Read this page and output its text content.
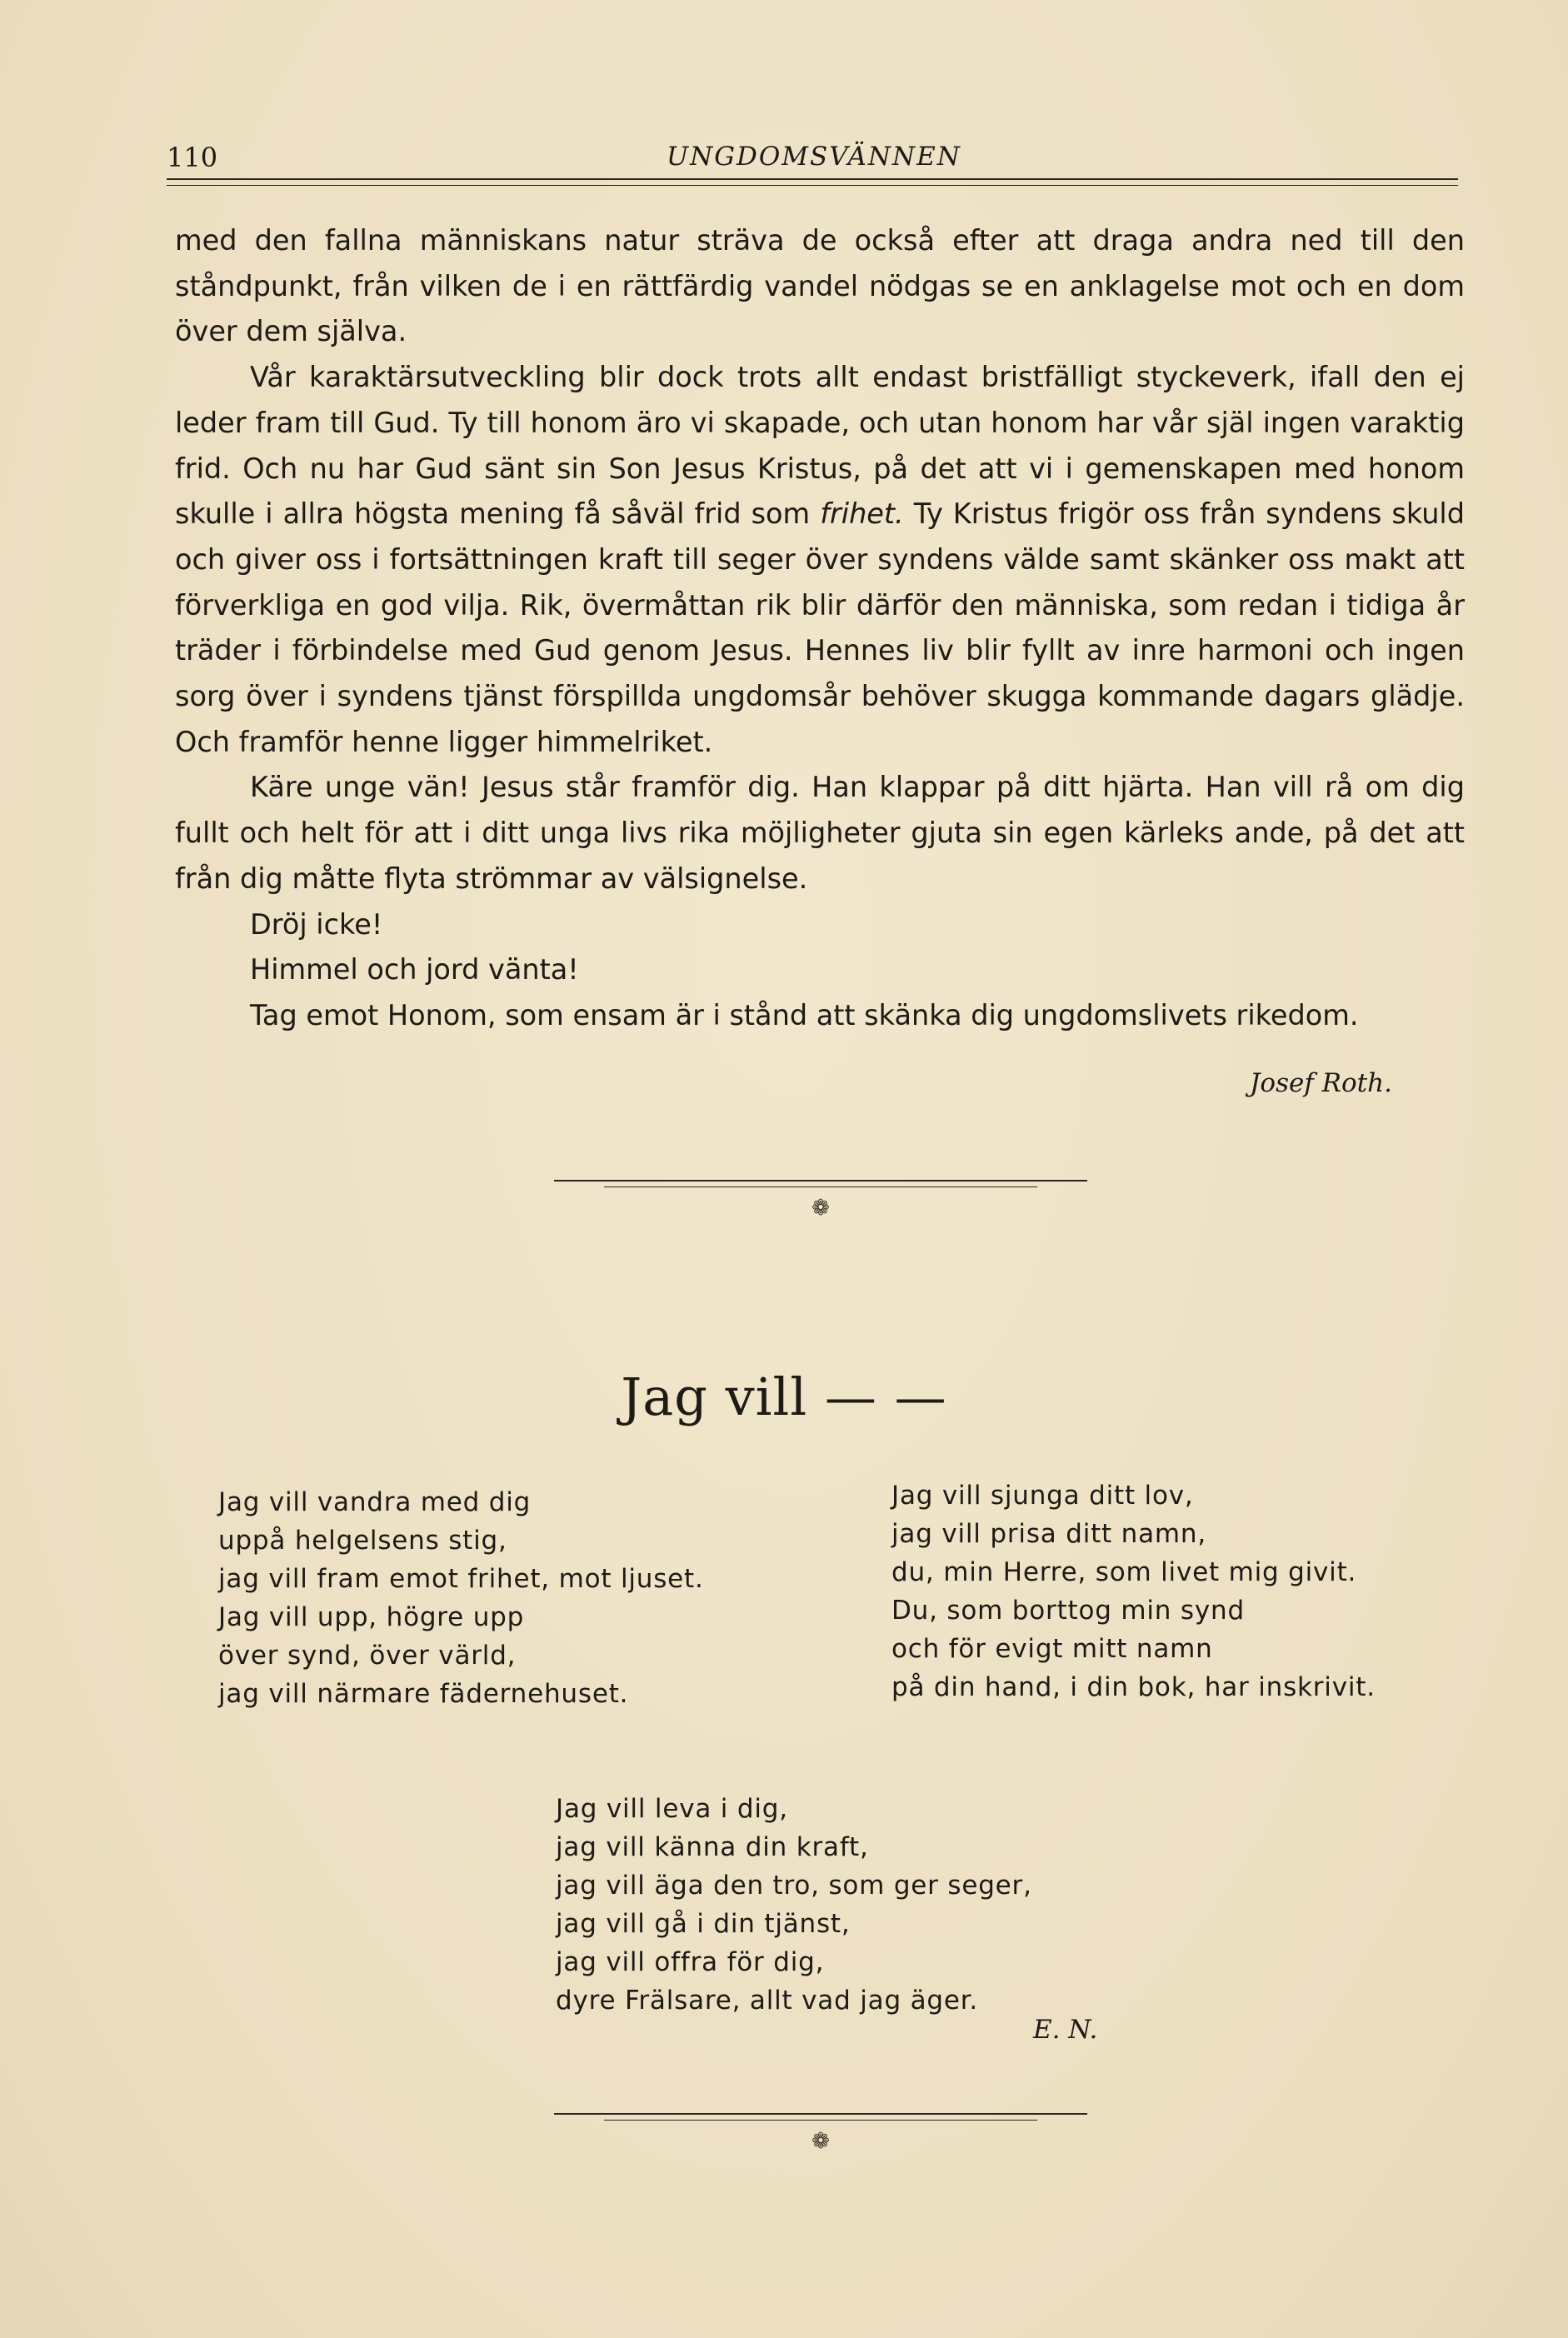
110	UNGDOMSVÄNNEN

med den fallna människans natur sträva de också efter att draga andra ned till den ståndpunkt, från vilken de i en rättfärdig vandel nödgas se en anklagelse mot och en dom över dem själva.

Vår karaktärsutveckling blir dock trots allt endast bristfälligt styckeverk, ifall den ej leder fram till Gud. Ty till honom äro vi skapade, och utan honom har vår själ ingen varaktig frid. Och nu har Gud sänt sin Son Jesus Kristus, på det att vi i gemenskapen med honom skulle i allra högsta mening få såväl frid som frihet. Ty Kristus frigör oss från syndens skuld och giver oss i fortsättningen kraft till seger över syndens välde samt skänker oss makt att förverkliga en god vilja. Rik, övermåttan rik blir därför den människa, som redan i tidiga år träder i förbindelse med Gud genom Jesus. Hennes liv blir fyllt av inre harmoni och ingen sorg över i syndens tjänst förspillda ungdomsår behöver skugga kommande dagars glädje. Och framför henne ligger himmelriket.

Käre unge vän! Jesus står framför dig. Han klappar på ditt hjärta. Han vill rå om dig fullt och helt för att i ditt unga livs rika möjligheter gjuta sin egen kärleks ande, på det att från dig måtte flyta strömmar av välsignelse.

Dröj icke!

Himmel och jord vänta!

Tag emot Honom, som ensam är i stånd att skänka dig ungdomslivets rikedom.

Josef Roth.
❁
Jag vill — —
Jag vill vandra med dig
uppå helgelsens stig,
jag vill fram emot frihet, mot ljuset.
Jag vill upp, högre upp
över synd, över värld,
jag vill närmare fädernehuset.
Jag vill sjunga ditt lov,
jag vill prisa ditt namn,
du, min Herre, som livet mig givit.
Du, som borttog min synd
och för evigt mitt namn
på din hand, i din bok, har inskrivit.
Jag vill leva i dig,
jag vill känna din kraft,
jag vill äga den tro, som ger seger,
jag vill gå i din tjänst,
jag vill offra för dig,
dyre Frälsare, allt vad jag äger.
E. N.
❁
